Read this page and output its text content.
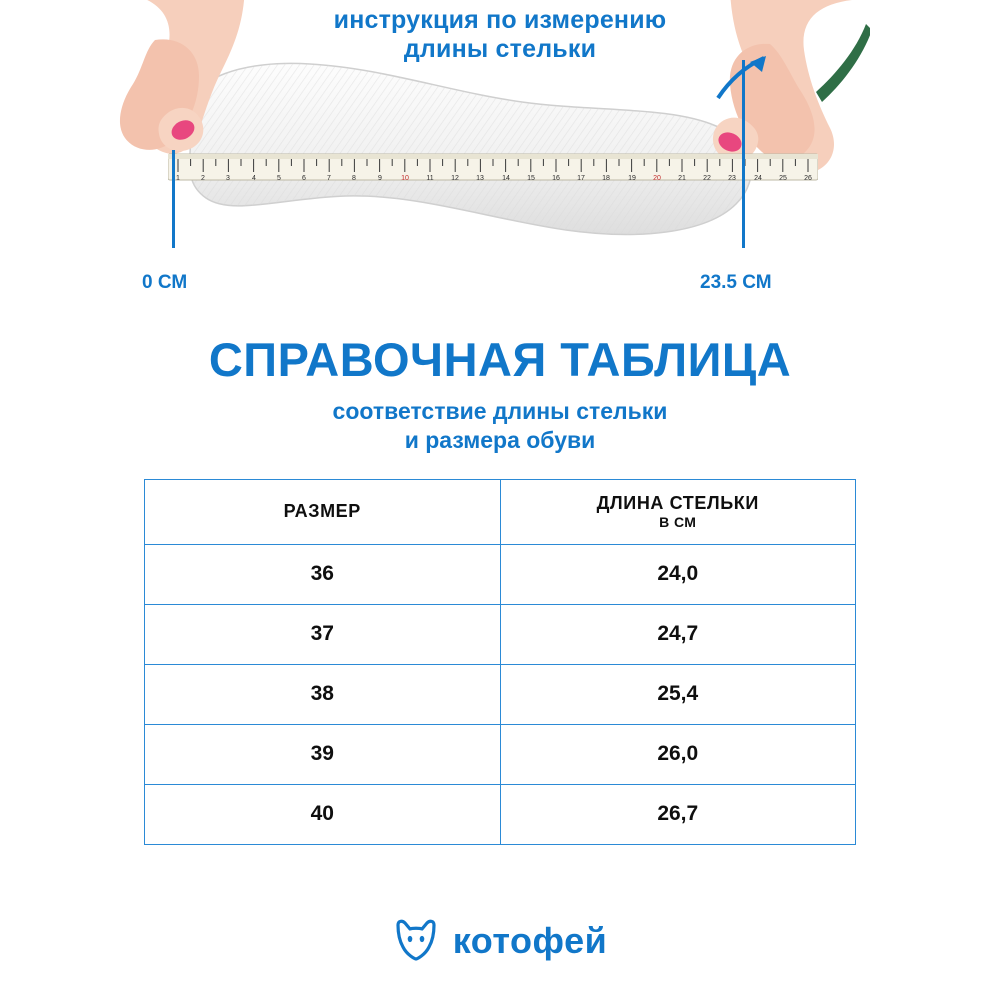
инструкция по измерению
длины стельки
1	2	3	4	5	6	7	8	9	10 11 12 13	14 15 16 17 18	19 20 21 22 23	24 25 26
0 СМ	23.5 СМ
СПРАВОЧНАЯ ТАБЛИЦА
соответствие длины стельки
и размера обуви
РАЗМЕР	ДЛИНА СТЕЛЬКИ
В СМ

36	24,0
37	24,7
38	25,4
39	26,0
40	26,7
котофей
